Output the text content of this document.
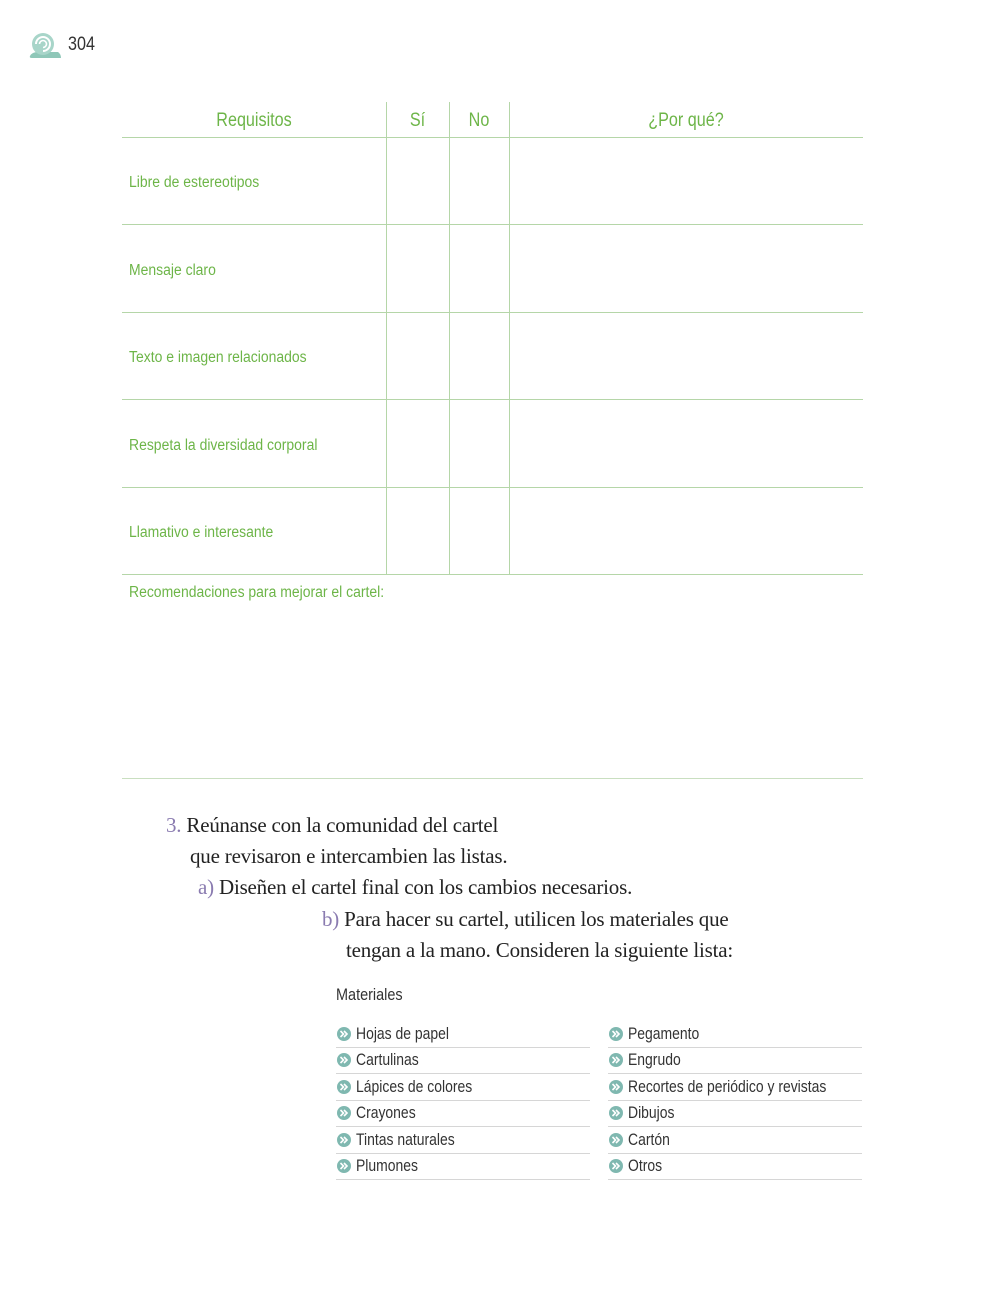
304
Requisitos	Sí	No	¿Por qué?
Libre de estereotipos
Mensaje claro
Texto e imagen relacionados
Respeta la diversidad corporal
Llamativo e interesante
Recomendaciones para mejorar el cartel:
3. Reúnanse con la comunidad del cartel
que revisaron e intercambien las listas.
a) Diseñen el cartel final con los cambios necesarios.
b) Para hacer su cartel, utilicen los materiales que
tengan a la mano. Consideren la siguiente lista:
Materiales
Hojas de papel
Cartulinas
Lápices de colores
Crayones
Tintas naturales
Plumones
Pegamento
Engrudo
Recortes de periódico y revistas
Dibujos
Cartón
Otros
